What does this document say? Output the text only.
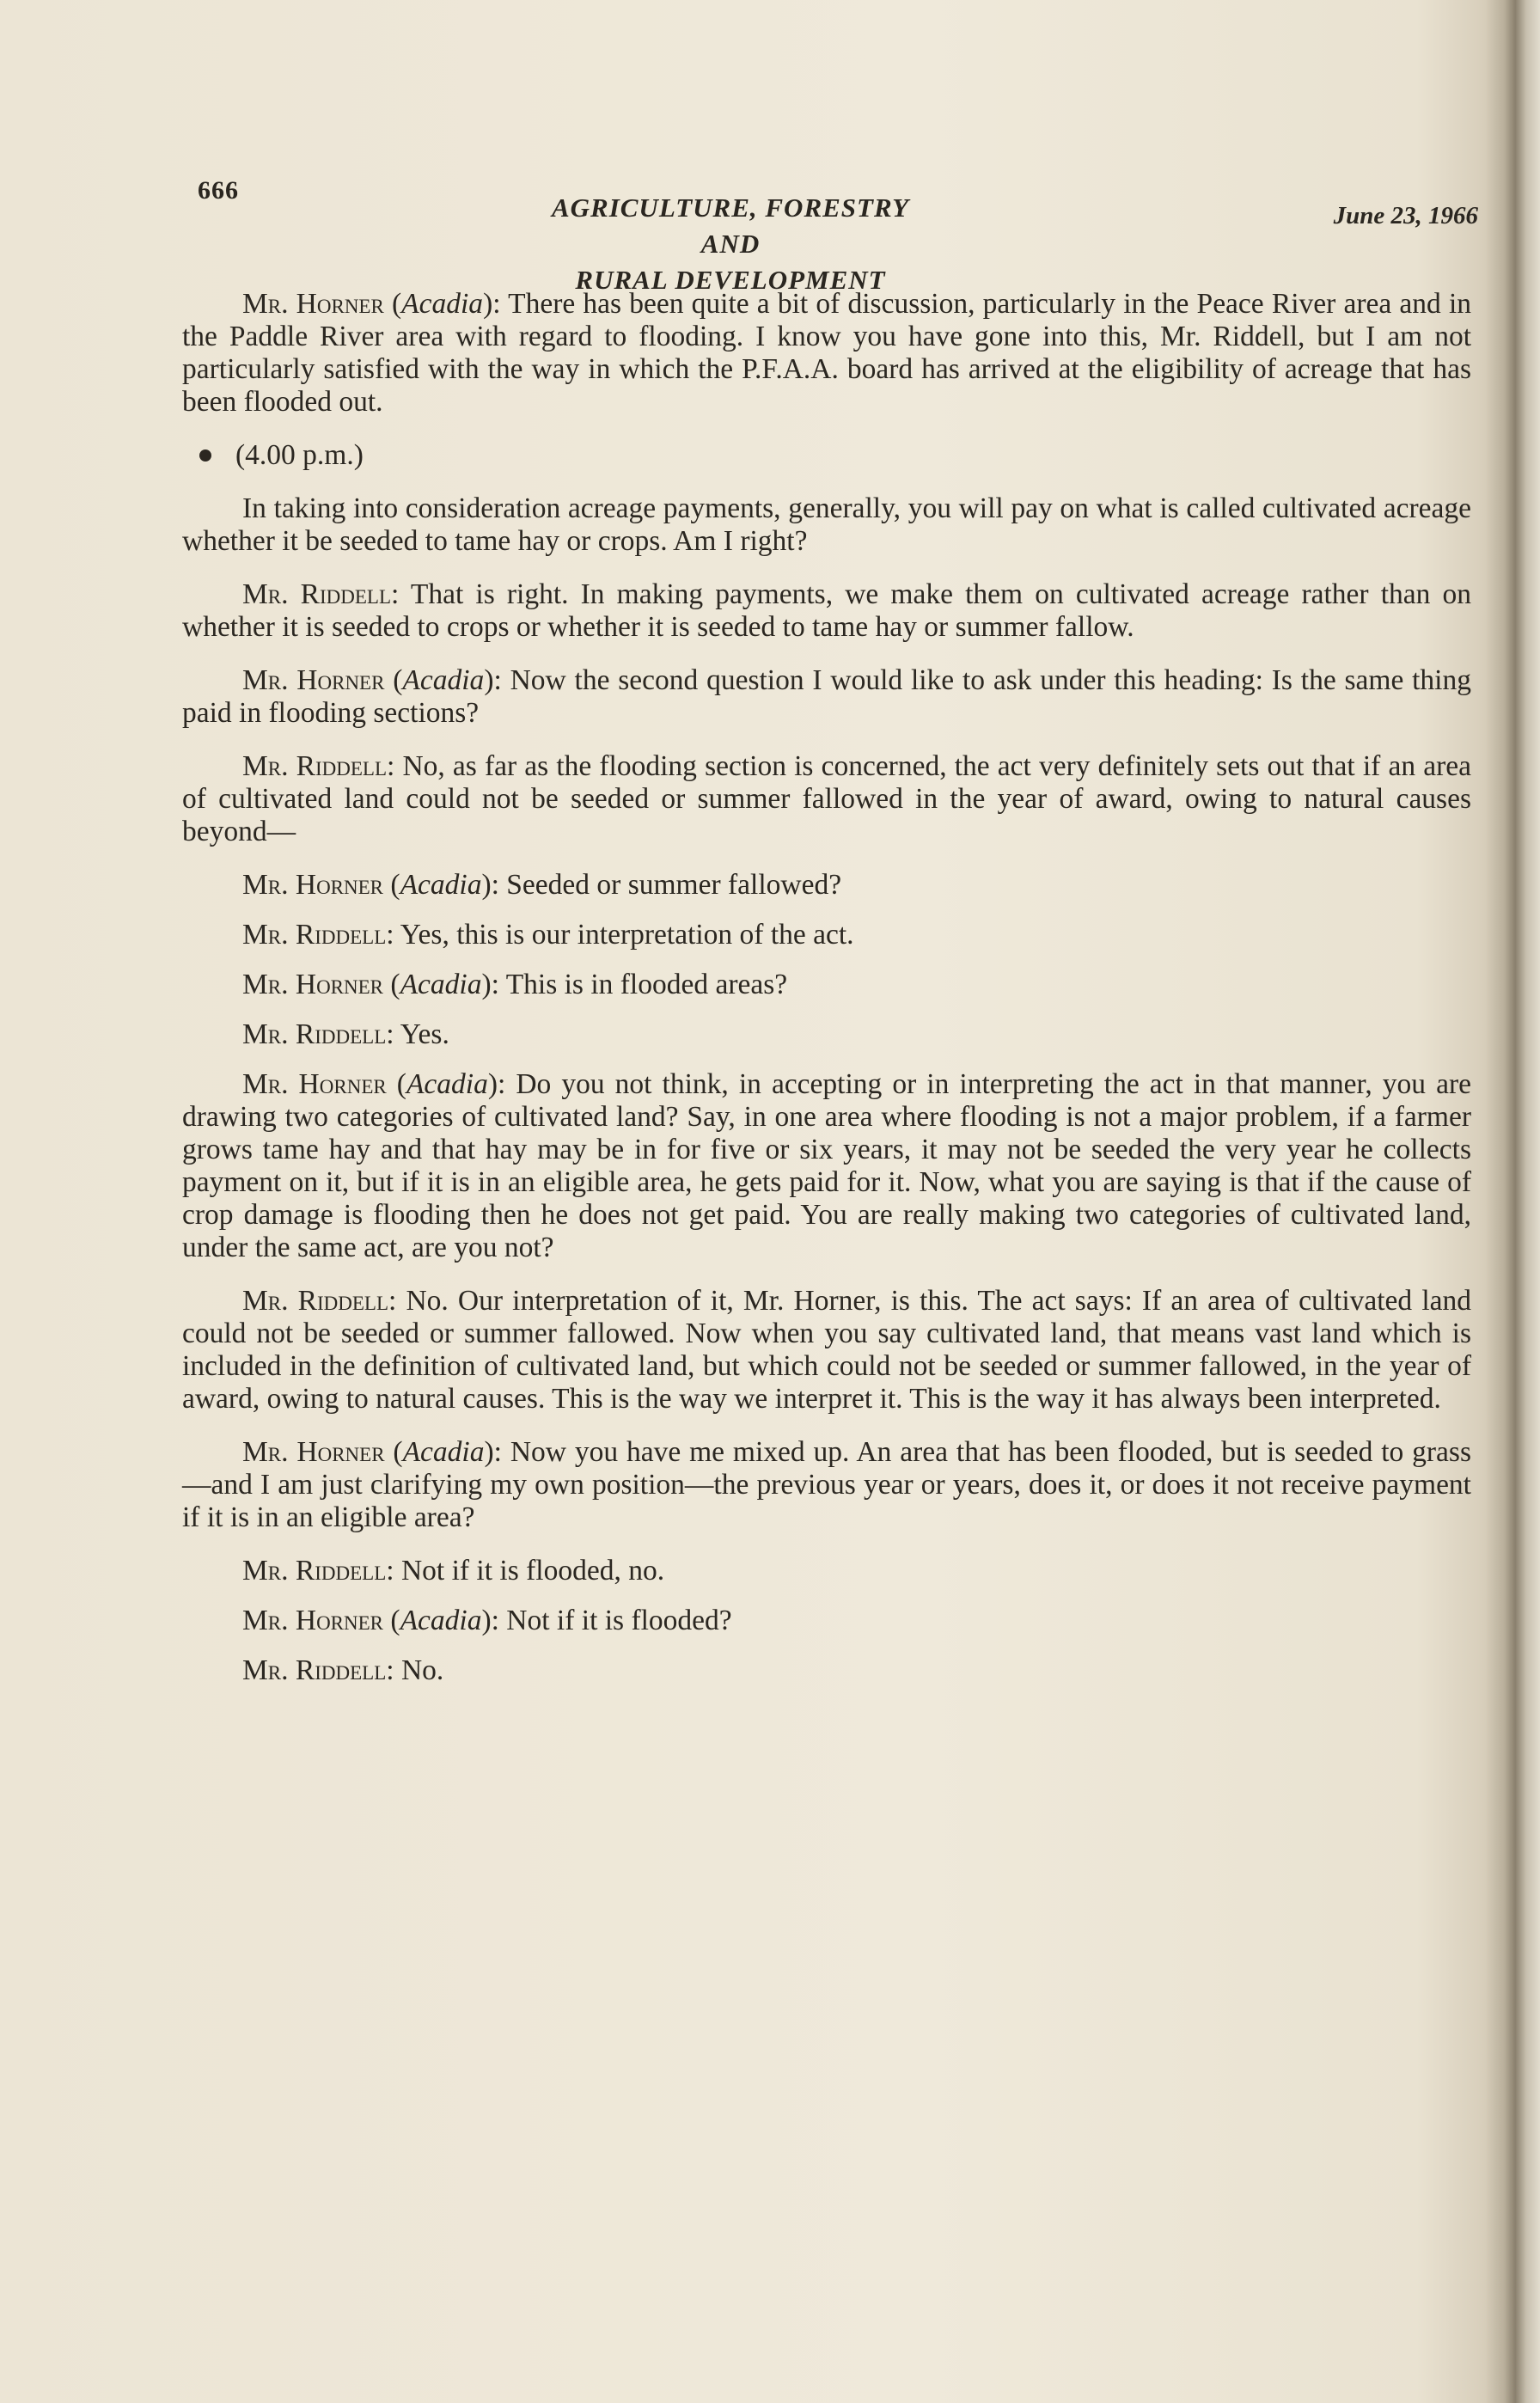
666
AGRICULTURE, FORESTRY AND
RURAL DEVELOPMENT
June 23, 1966

Mr. Horner (Acadia): There has been quite a bit of discussion, particularly in the Peace River area and in the Paddle River area with regard to flooding. I know you have gone into this, Mr. Riddell, but I am not particularly satisfied with the way in which the P.F.A.A. board has arrived at the eligibility of acreage that has been flooded out.

(4.00 p.m.)

In taking into consideration acreage payments, generally, you will pay on what is called cultivated acreage whether it be seeded to tame hay or crops. Am I right?

Mr. Riddell: That is right. In making payments, we make them on cultivated acreage rather than on whether it is seeded to crops or whether it is seeded to tame hay or summer fallow.

Mr. Horner (Acadia): Now the second question I would like to ask under this heading: Is the same thing paid in flooding sections?

Mr. Riddell: No, as far as the flooding section is concerned, the act very definitely sets out that if an area of cultivated land could not be seeded or summer fallowed in the year of award, owing to natural causes beyond—

Mr. Horner (Acadia): Seeded or summer fallowed?

Mr. Riddell: Yes, this is our interpretation of the act.

Mr. Horner (Acadia): This is in flooded areas?

Mr. Riddell: Yes.

Mr. Horner (Acadia): Do you not think, in accepting or in interpreting the act in that manner, you are drawing two categories of cultivated land? Say, in one area where flooding is not a major problem, if a farmer grows tame hay and that hay may be in for five or six years, it may not be seeded the very year he collects payment on it, but if it is in an eligible area, he gets paid for it. Now, what you are saying is that if the cause of crop damage is flooding then he does not get paid. You are really making two categories of cultivated land, under the same act, are you not?

Mr. Riddell: No. Our interpretation of it, Mr. Horner, is this. The act says: If an area of cultivated land could not be seeded or summer fallowed. Now when you say cultivated land, that means vast land which is included in the definition of cultivated land, but which could not be seeded or summer fallowed, in the year of award, owing to natural causes. This is the way we interpret it. This is the way it has always been interpreted.

Mr. Horner (Acadia): Now you have me mixed up. An area that has been flooded, but is seeded to grass—and I am just clarifying my own position—the previous year or years, does it, or does it not receive payment if it is in an eligible area?

Mr. Riddell: Not if it is flooded, no.

Mr. Horner (Acadia): Not if it is flooded?

Mr. Riddell: No.
